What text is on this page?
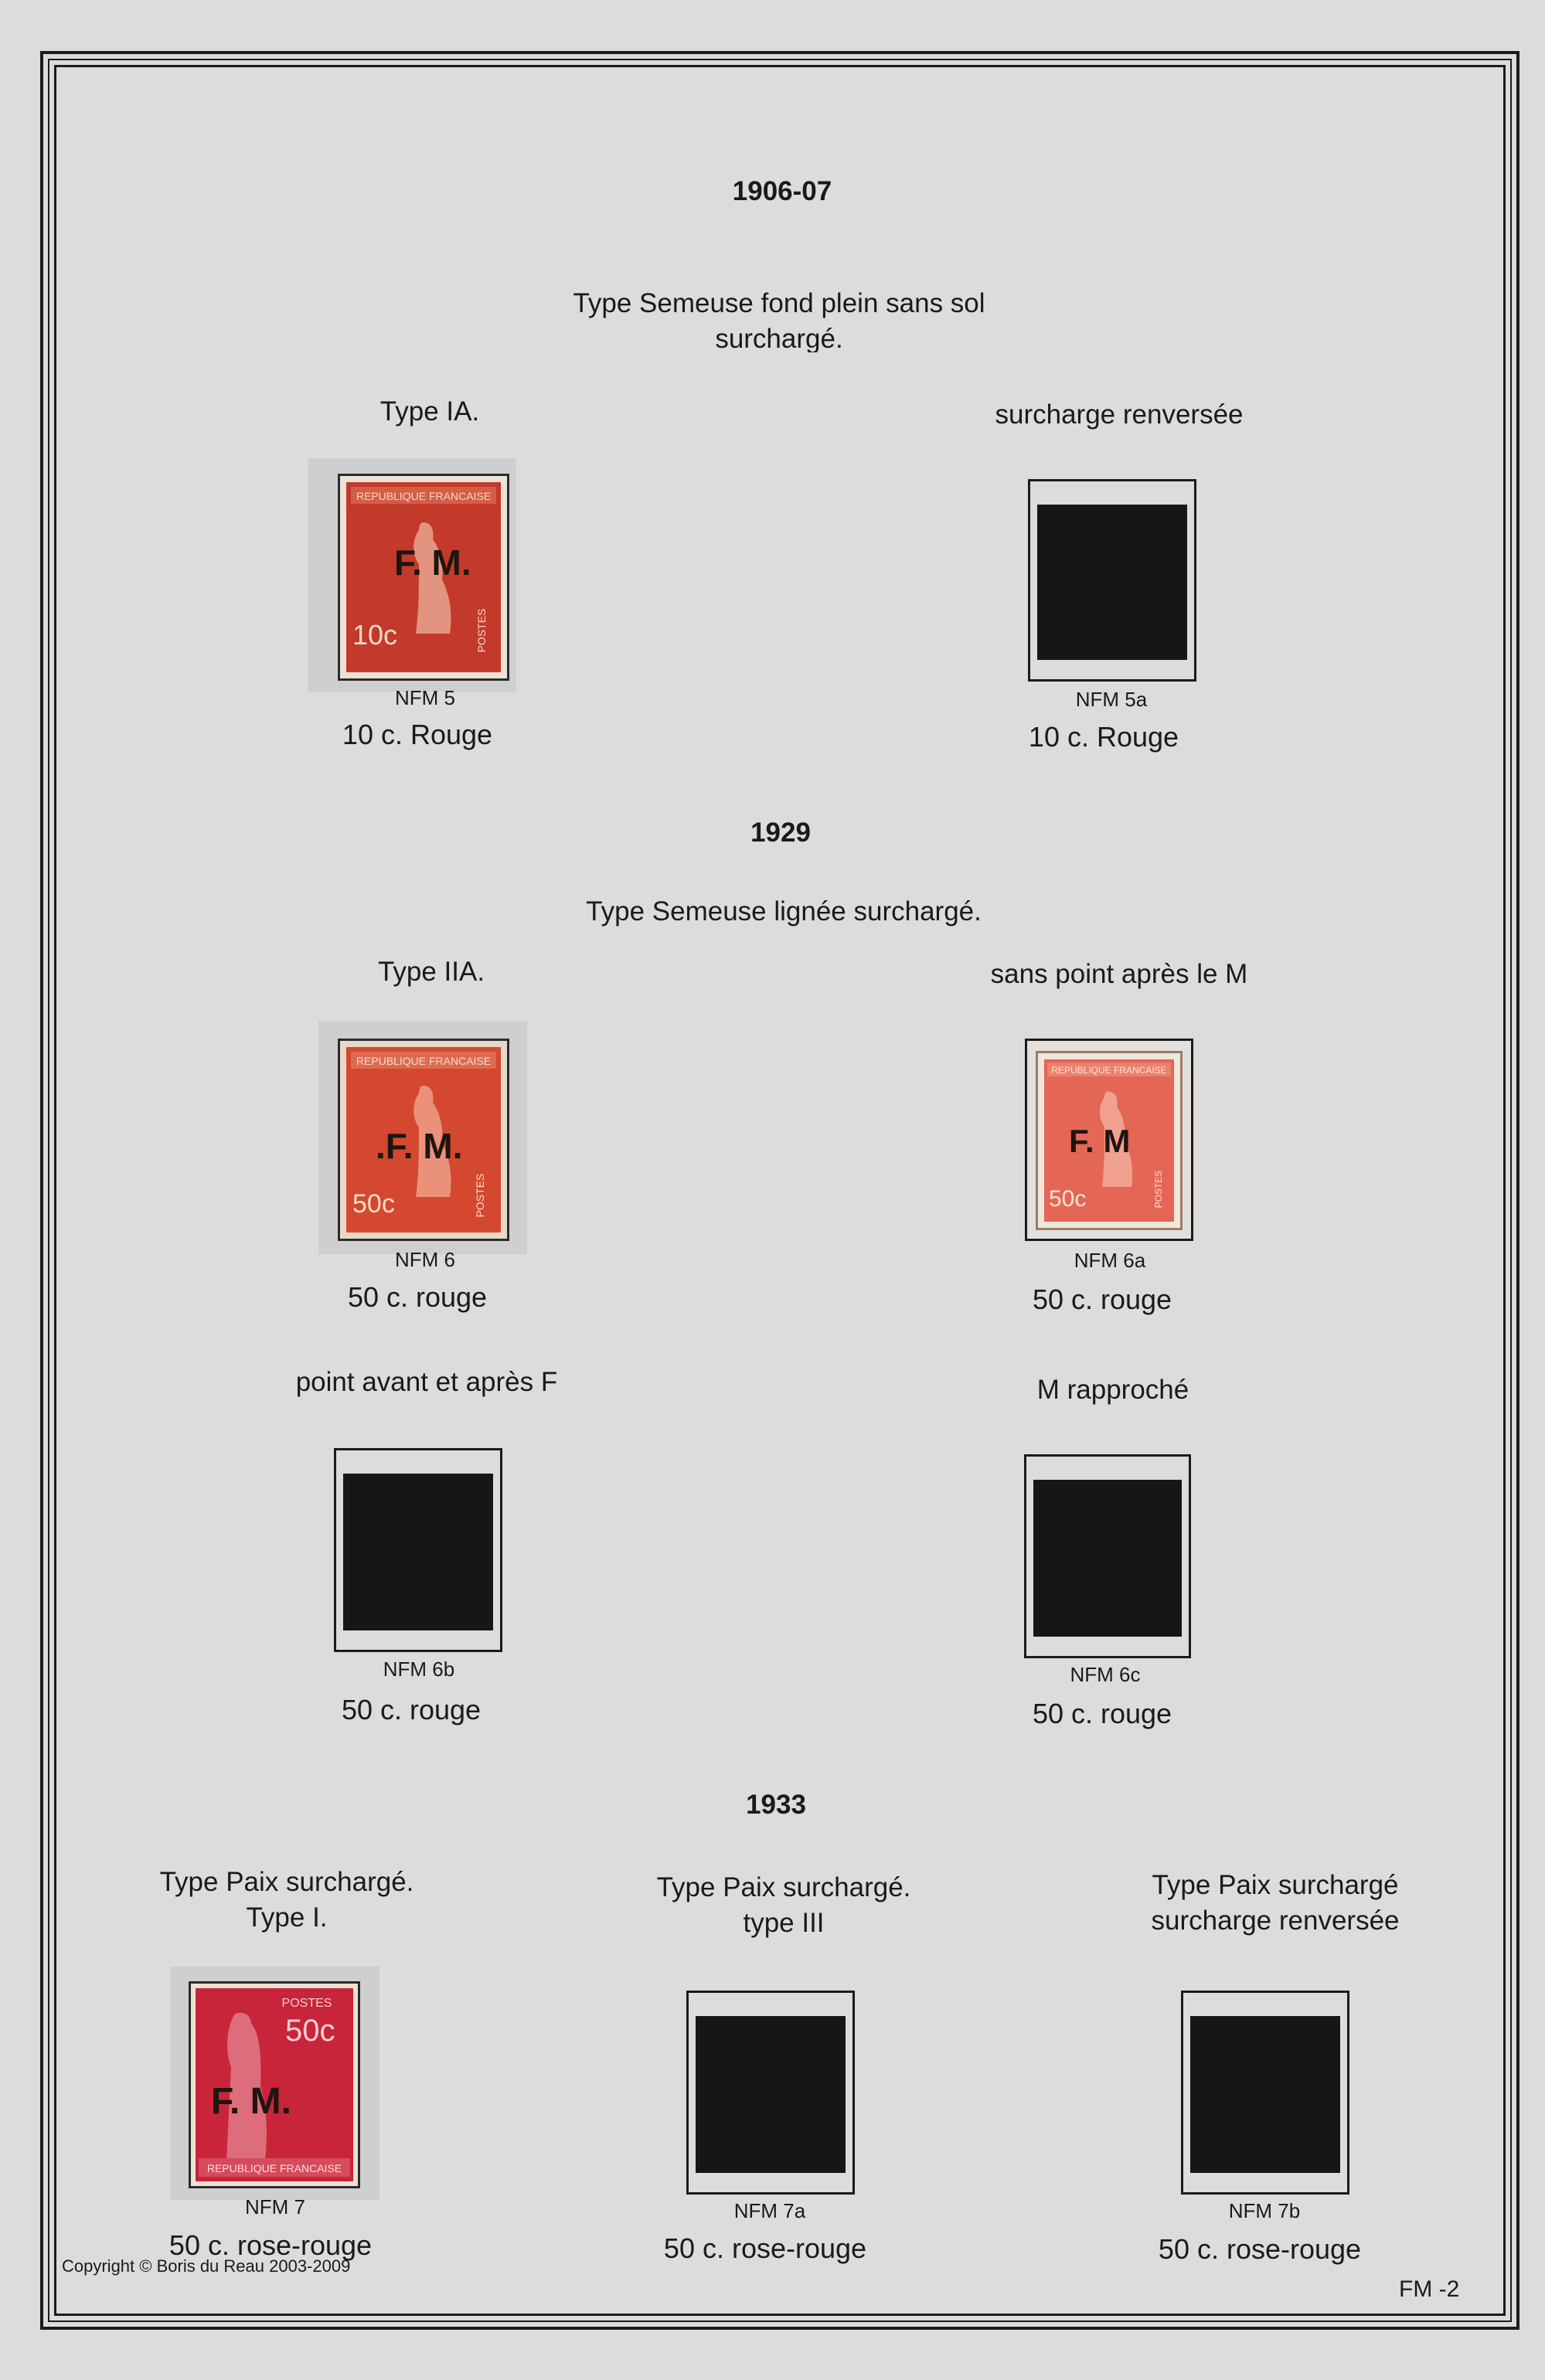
1906-07
Type Semeuse fond plein sans sol
surchargé.
Type IA.	surcharge renversée
REPUBLIQUE FRANCAISE
F. M.
10c	POSTES
NFM 5
10 c. Rouge
NFM 5a
10 c. Rouge
1929
Type Semeuse lignée surchargé.
Type IIA.	sans point après le M
REPUBLIQUE FRANCAISE
.F. M.
50c	POSTES
NFM 6
50 c. rouge
REPUBLIQUE FRANCAISE
F. M
50c	POSTES
NFM 6a
50 c. rouge
point avant et après F	M rapproché
NFM 6b	NFM 6c
50 c. rouge	50 c. rouge
1933
Type Paix surchargé.
Type I.
Type Paix surchargé.
type III
Type Paix surchargé
surcharge renversée
POSTES
50c
F. M.
REPUBLIQUE FRANCAISE
NFM 7
50 c. rose-rouge
NFM 7a	NFM 7b
50 c. rose-rouge	50 c. rose-rouge
Copyright © Boris du Reau 2003-2009
FM -2
